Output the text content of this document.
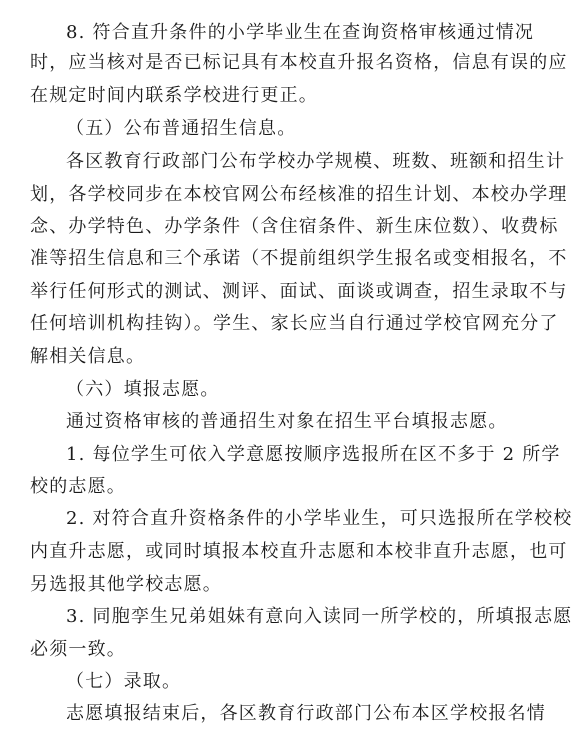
8. 符合直升条件的小学毕业生在查询资格审核通过情况
时，应当核对是否已标记具有本校直升报名资格，信息有误的应
在规定时间内联系学校进行更正。
（五）公布普通招生信息。
各区教育行政部门公布学校办学规模、班数、班额和招生计
划，各学校同步在本校官网公布经核准的招生计划、本校办学理
念、办学特色、办学条件（含住宿条件、新生床位数）、收费标
准等招生信息和三个承诺（不提前组织学生报名或变相报名，不
举行任何形式的测试、测评、面试、面谈或调查，招生录取不与
任何培训机构挂钩）。学生、家长应当自行通过学校官网充分了
解相关信息。
（六）填报志愿。
通过资格审核的普通招生对象在招生平台填报志愿。
1. 每位学生可依入学意愿按顺序选报所在区不多于 2 所学
校的志愿。
2. 对符合直升资格条件的小学毕业生，可只选报所在学校校
内直升志愿，或同时填报本校直升志愿和本校非直升志愿，也可
另选报其他学校志愿。
3. 同胞孪生兄弟姐妹有意向入读同一所学校的，所填报志愿
必须一致。
（七）录取。
志愿填报结束后，各区教育行政部门公布本区学校报名情
